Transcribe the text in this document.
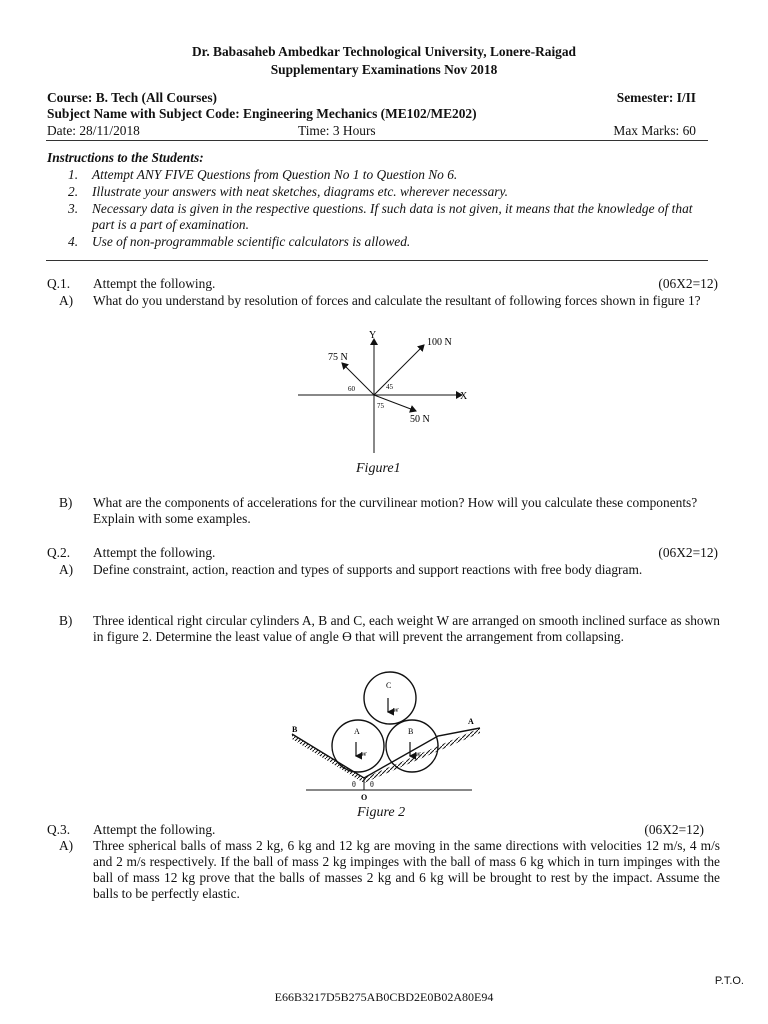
Dr. Babasaheb Ambedkar Technological University, Lonere-Raigad
Supplementary Examinations Nov 2018
Course: B. Tech (All Courses)	Semester: I/II
Subject Name with Subject Code: Engineering Mechanics (ME102/ME202)
Date: 28/11/2018	Time: 3 Hours	Max Marks: 60
Instructions to the Students:
1.	Attempt ANY FIVE Questions from Question No 1 to Question No 6.
2.	Illustrate your answers with neat sketches, diagrams etc. wherever necessary.
3.	Necessary data is given in the respective questions. If such data is not given, it means that the knowledge of that part is a part of examination.
4.	Use of non-programmable scientific calculators is allowed.
Q.1. Attempt the following.	(06X2=12)
A) What do you understand by resolution of forces and calculate the resultant of following forces shown in figure 1?
Y
X
100 N
75 N
50 N
60	45
75
Figure1
B) What are the components of accelerations for the curvilinear motion? How will you calculate these components? Explain with some examples.
Q.2. Attempt the following.	(06X2=12)
A) Define constraint, action, reaction and types of supports and support reactions with free body diagram.
B) Three identical right circular cylinders A, B and C, each weight W are arranged on smooth inclined surface as shown in figure 2. Determine the least value of angle Ө that will prevent the arrangement from collapsing.
C
A	B
w
w	w
B
A
O
θ θ
Figure 2
Q.3. Attempt the following.	(06X2=12)
A) Three spherical balls of mass 2 kg, 6 kg and 12 kg are moving in the same directions with velocities 12 m/s, 4 m/s and 2 m/s respectively. If the ball of mass 2 kg impinges with the ball of mass 6 kg which in turn impinges with the ball of mass 12 kg prove that the balls of masses 2 kg and 6 kg will be brought to rest by the impact. Assume the balls to be perfectly elastic.
P.T.O.
E66B3217D5B275AB0CBD2E0B02A80E94
